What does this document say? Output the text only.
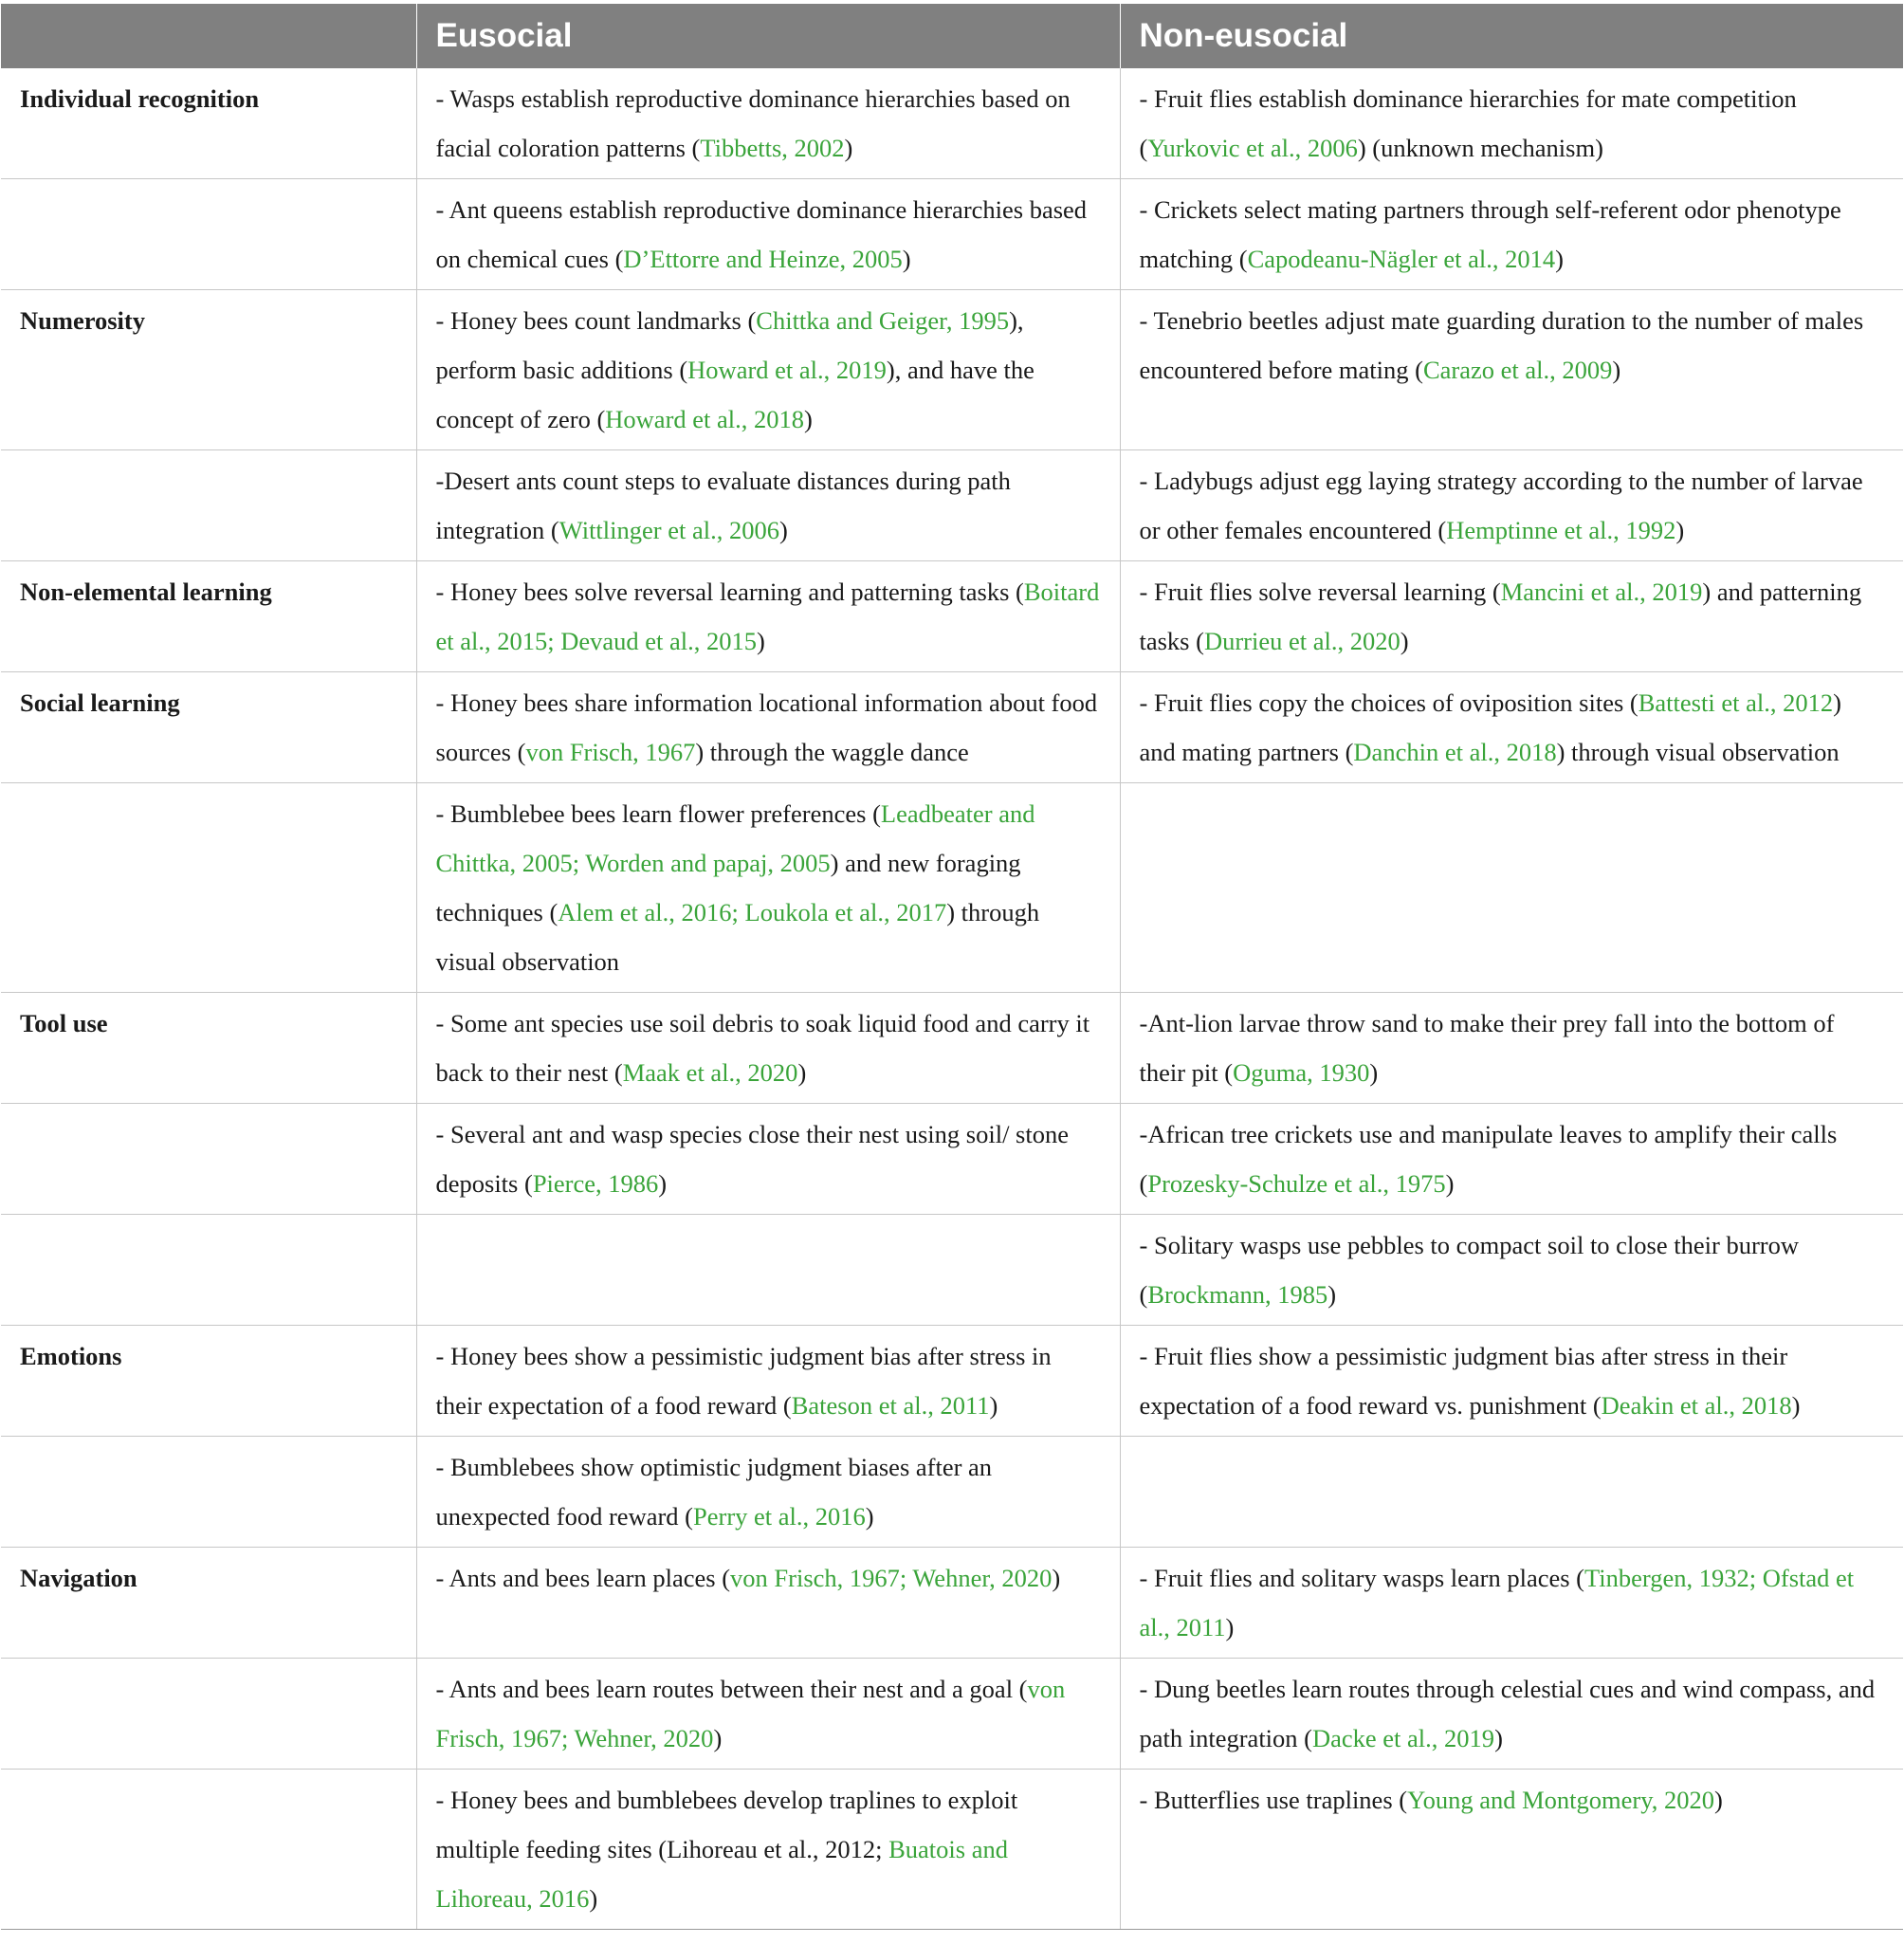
	Eusocial	Non-eusocial
Individual recognition	- Wasps establish reproductive dominance hierarchies based on facial coloration patterns (Tibbetts, 2002)	- Fruit flies establish dominance hierarchies for mate competition (Yurkovic et al., 2006) (unknown mechanism)
	- Ant queens establish reproductive dominance hierarchies based on chemical cues (D’Ettorre and Heinze, 2005)	- Crickets select mating partners through self-referent odor phenotype matching (Capodeanu-Nägler et al., 2014)
Numerosity	- Honey bees count landmarks (Chittka and Geiger, 1995), perform basic additions (Howard et al., 2019), and have the concept of zero (Howard et al., 2018)	- Tenebrio beetles adjust mate guarding duration to the number of males encountered before mating (Carazo et al., 2009)
	-Desert ants count steps to evaluate distances during path integration (Wittlinger et al., 2006)	- Ladybugs adjust egg laying strategy according to the number of larvae or other females encountered (Hemptinne et al., 1992)
Non-elemental learning	- Honey bees solve reversal learning and patterning tasks (Boitard et al., 2015; Devaud et al., 2015)	- Fruit flies solve reversal learning (Mancini et al., 2019) and patterning tasks (Durrieu et al., 2020)
Social learning	- Honey bees share information locational information about food sources (von Frisch, 1967) through the waggle dance	- Fruit flies copy the choices of oviposition sites (Battesti et al., 2012) and mating partners (Danchin et al., 2018) through visual observation
	- Bumblebee bees learn flower preferences (Leadbeater and Chittka, 2005; Worden and papaj, 2005) and new foraging techniques (Alem et al., 2016; Loukola et al., 2017) through visual observation	
Tool use	- Some ant species use soil debris to soak liquid food and carry it back to their nest (Maak et al., 2020)	-Ant-lion larvae throw sand to make their prey fall into the bottom of their pit (Oguma, 1930)
	- Several ant and wasp species close their nest using soil/ stone deposits (Pierce, 1986)	-African tree crickets use and manipulate leaves to amplify their calls (Prozesky-Schulze et al., 1975)
		- Solitary wasps use pebbles to compact soil to close their burrow (Brockmann, 1985)
Emotions	- Honey bees show a pessimistic judgment bias after stress in their expectation of a food reward (Bateson et al., 2011)	- Fruit flies show a pessimistic judgment bias after stress in their expectation of a food reward vs. punishment (Deakin et al., 2018)
	- Bumblebees show optimistic judgment biases after an unexpected food reward (Perry et al., 2016)	
Navigation	- Ants and bees learn places (von Frisch, 1967; Wehner, 2020)	- Fruit flies and solitary wasps learn places (Tinbergen, 1932; Ofstad et al., 2011)
	- Ants and bees learn routes between their nest and a goal (von Frisch, 1967; Wehner, 2020)	- Dung beetles learn routes through celestial cues and wind compass, and path integration (Dacke et al., 2019)
	- Honey bees and bumblebees develop traplines to exploit multiple feeding sites (Lihoreau et al., 2012; Buatois and Lihoreau, 2016)	- Butterflies use traplines (Young and Montgomery, 2020)
